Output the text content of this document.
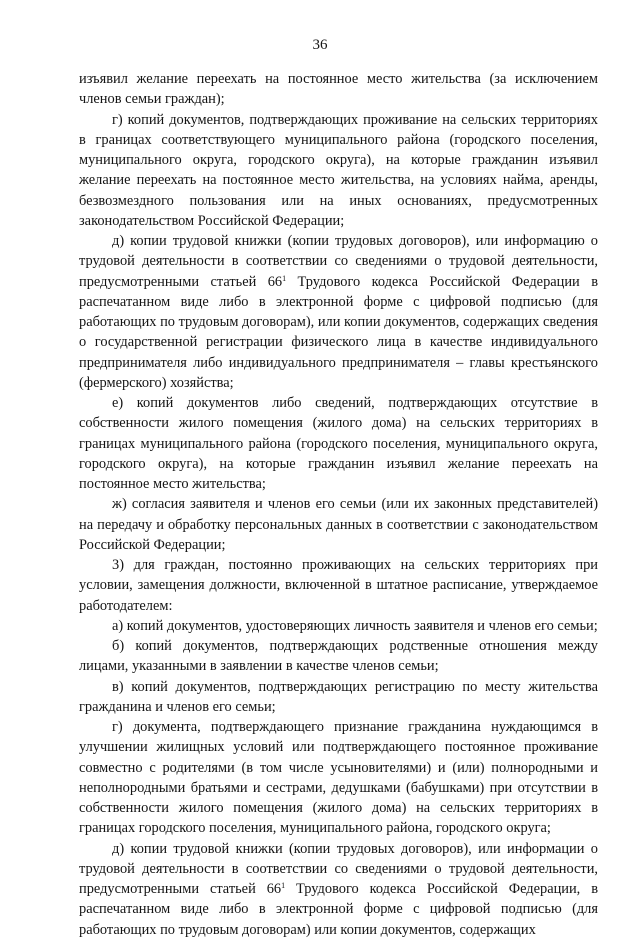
36

изъявил желание переехать на постоянное место жительства (за исключением членов семьи граждан);

г) копий документов, подтверждающих проживание на сельских территориях в границах соответствующего муниципального района (городского поселения, муниципального округа, городского округа), на которые гражданин изъявил желание переехать на постоянное место жительства, на условиях найма, аренды, безвозмездного пользования или на иных основаниях, предусмотренных законодательством Российской Федерации;

д) копии трудовой книжки (копии трудовых договоров), или информацию о трудовой деятельности в соответствии со сведениями о трудовой деятельности, предусмотренными статьей $66^1$ Трудового кодекса Российской Федерации в распечатанном виде либо в электронной форме с цифровой подписью (для работающих по трудовым договорам), или копии документов, содержащих сведения о государственной регистрации физического лица в качестве индивидуального предпринимателя либо индивидуального предпринимателя – главы крестьянского (фермерского) хозяйства;

е) копий документов либо сведений, подтверждающих отсутствие в собственности жилого помещения (жилого дома) на сельских территориях в границах муниципального района (городского поселения, муниципального округа, городского округа), на которые гражданин изъявил желание переехать на постоянное место жительства;

ж) согласия заявителя и членов его семьи (или их законных представителей) на передачу и обработку персональных данных в соответствии с законодательством Российской Федерации;

3) для граждан, постоянно проживающих на сельских территориях при условии, замещения должности, включенной в штатное расписание, утверждаемое работодателем:

а) копий документов, удостоверяющих личность заявителя и членов его семьи;

б) копий документов, подтверждающих родственные отношения между лицами, указанными в заявлении в качестве членов семьи;

в) копий документов, подтверждающих регистрацию по месту жительства гражданина и членов его семьи;

г) документа, подтверждающего признание гражданина нуждающимся в улучшении жилищных условий или подтверждающего постоянное проживание совместно с родителями (в том числе усыновителями) и (или) полнородными и неполнородными братьями и сестрами, дедушками (бабушками) при отсутствии в собственности жилого помещения (жилого дома) на сельских территориях в границах городского поселения, муниципального района, городского округа;

д) копии трудовой книжки (копии трудовых договоров), или информации о трудовой деятельности в соответствии со сведениями о трудовой деятельности, предусмотренными статьей $66^1$ Трудового кодекса Российской Федерации, в распечатанном виде либо в электронной форме с цифровой подписью (для работающих по трудовым договорам) или копии документов, содержащих
